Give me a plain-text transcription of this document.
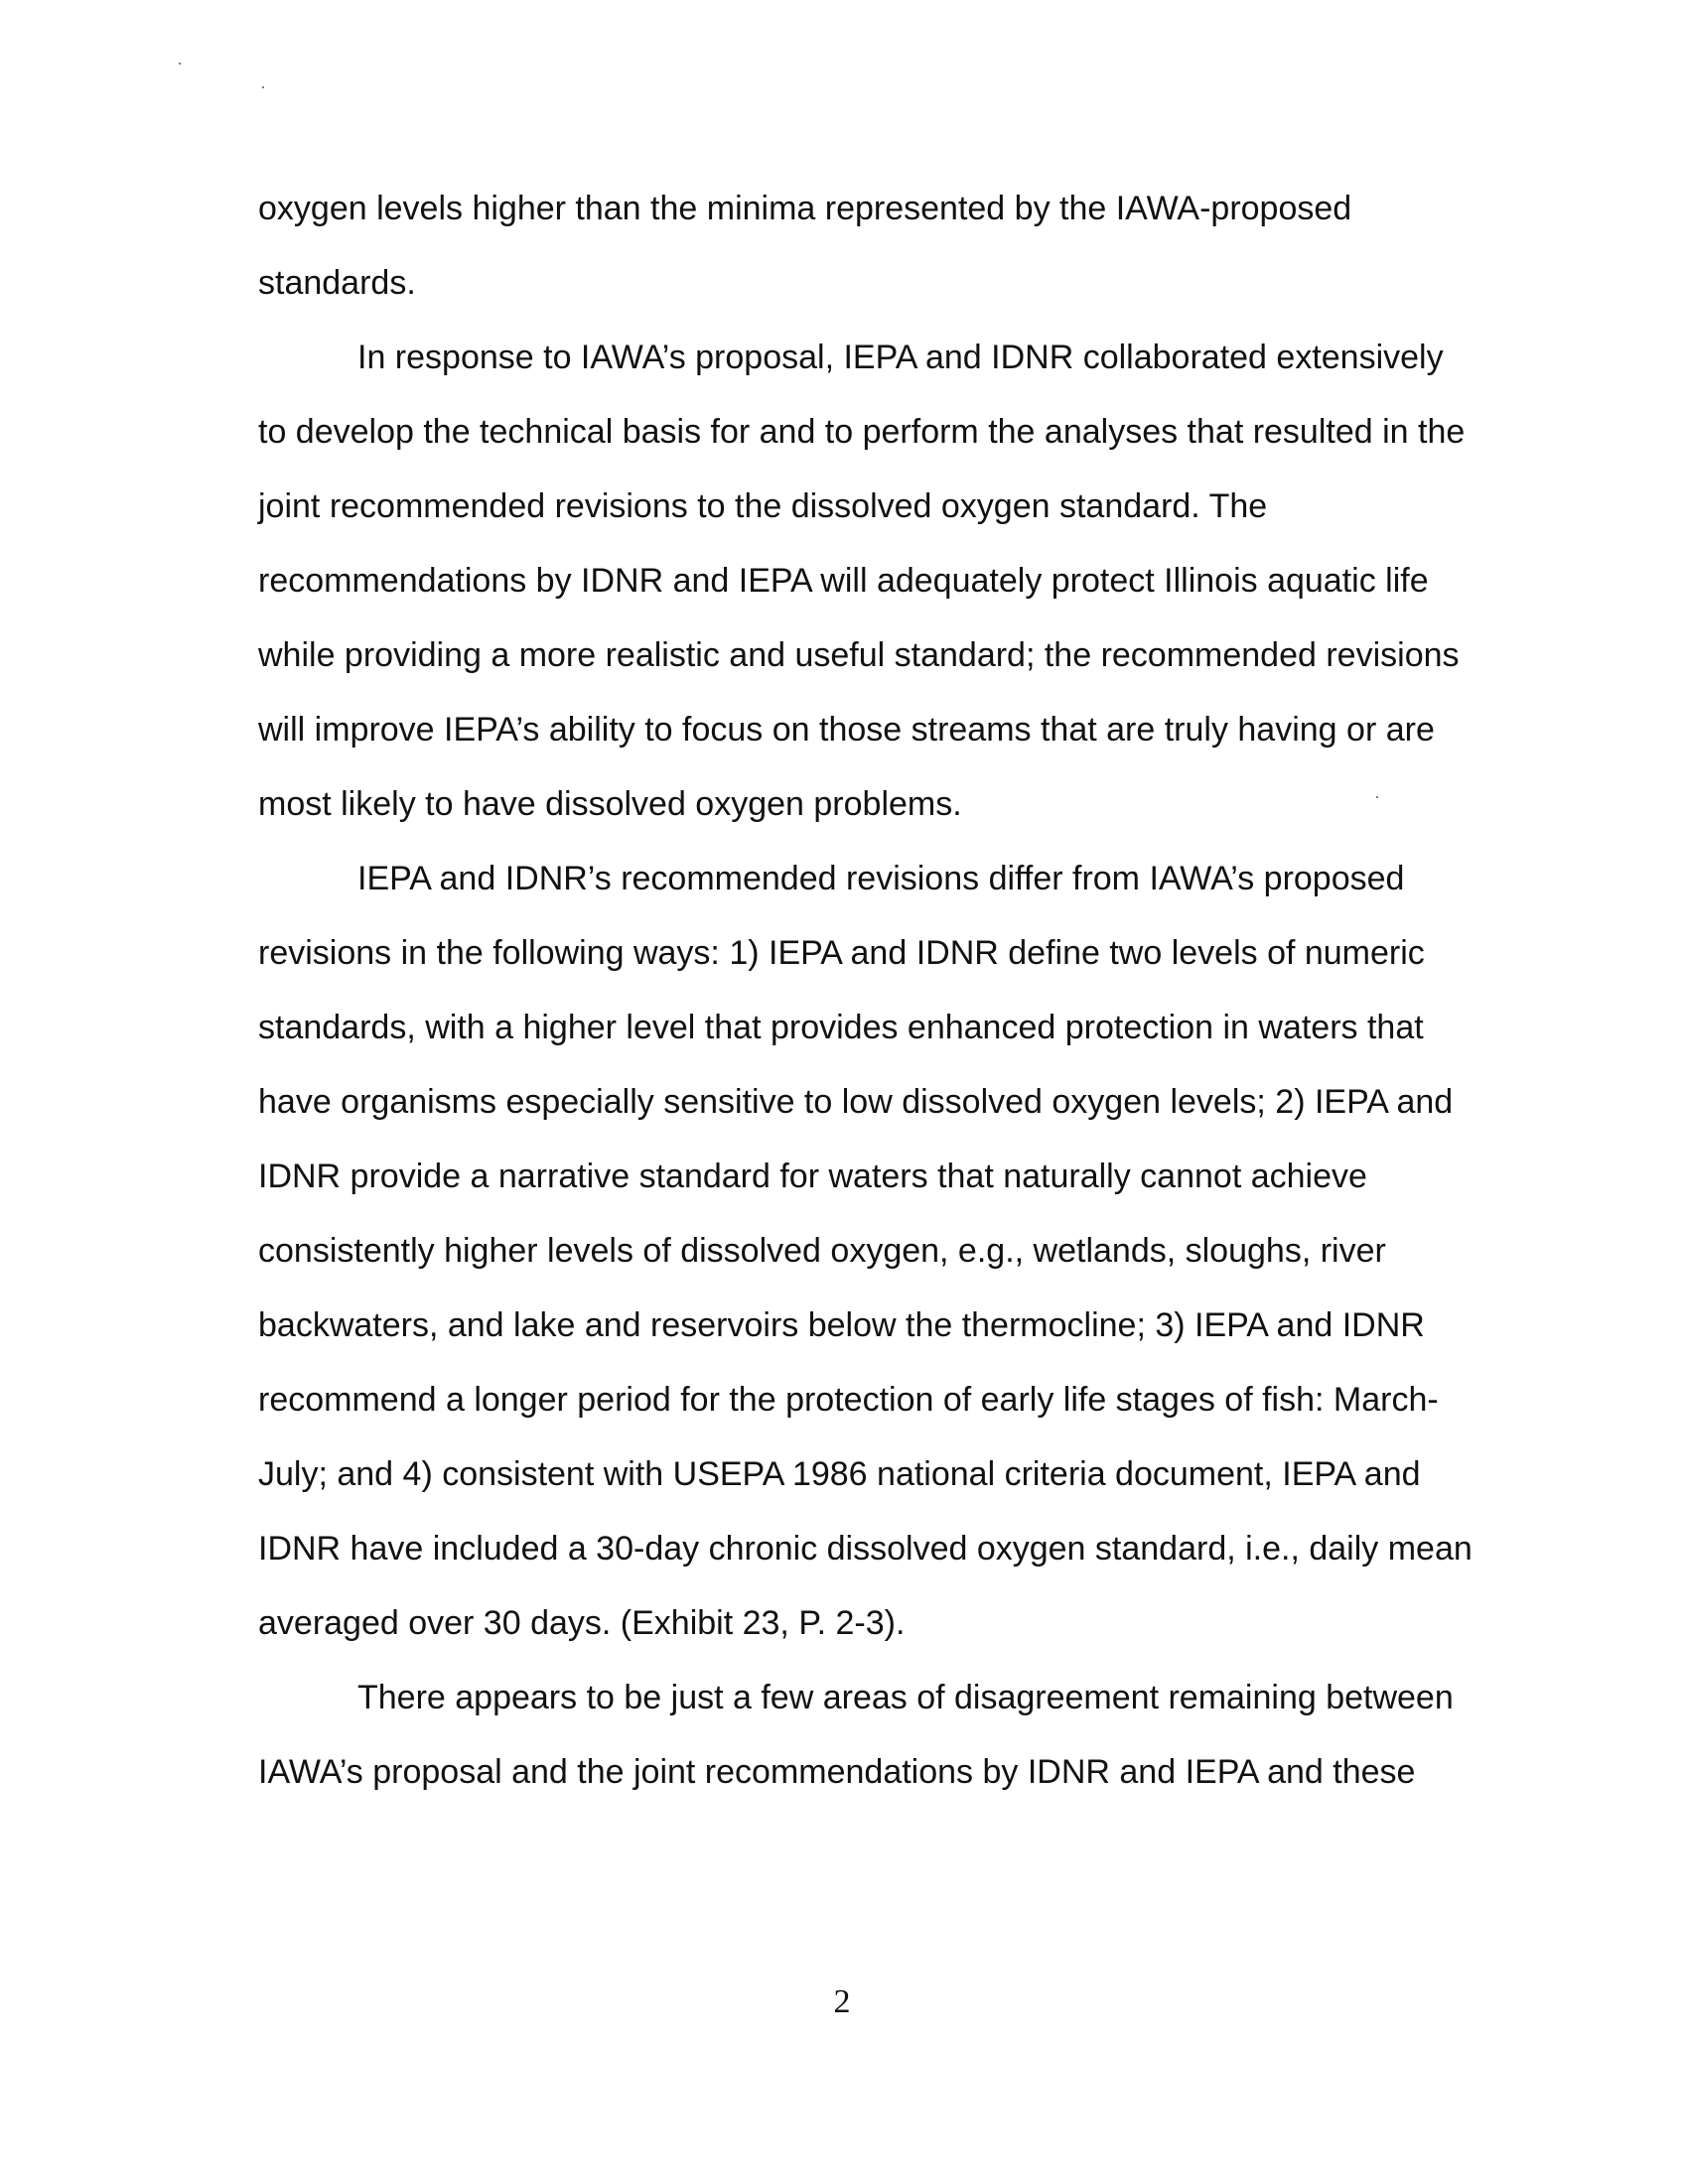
oxygen levels higher than the minima represented by the IAWA-proposed
standards.
In response to IAWA’s proposal, IEPA and IDNR collaborated extensively
to develop the technical basis for and to perform the analyses that resulted in the
joint recommended revisions to the dissolved oxygen standard. The
recommendations by IDNR and IEPA will adequately protect Illinois aquatic life
while providing a more realistic and useful standard; the recommended revisions
will improve IEPA’s ability to focus on those streams that are truly having or are
most likely to have dissolved oxygen problems.
IEPA and IDNR’s recommended revisions differ from IAWA’s proposed
revisions in the following ways: 1) IEPA and IDNR define two levels of numeric
standards, with a higher level that provides enhanced protection in waters that
have organisms especially sensitive to low dissolved oxygen levels; 2) IEPA and
IDNR provide a narrative standard for waters that naturally cannot achieve
consistently higher levels of dissolved oxygen, e.g., wetlands, sloughs, river
backwaters, and lake and reservoirs below the thermocline; 3) IEPA and IDNR
recommend a longer period for the protection of early life stages of fish: March-
July; and 4) consistent with USEPA 1986 national criteria document, IEPA and
IDNR have included a 30-day chronic dissolved oxygen standard, i.e., daily mean
averaged over 30 days. (Exhibit 23, P. 2-3).
There appears to be just a few areas of disagreement remaining between
IAWA’s proposal and the joint recommendations by IDNR and IEPA and these
2
